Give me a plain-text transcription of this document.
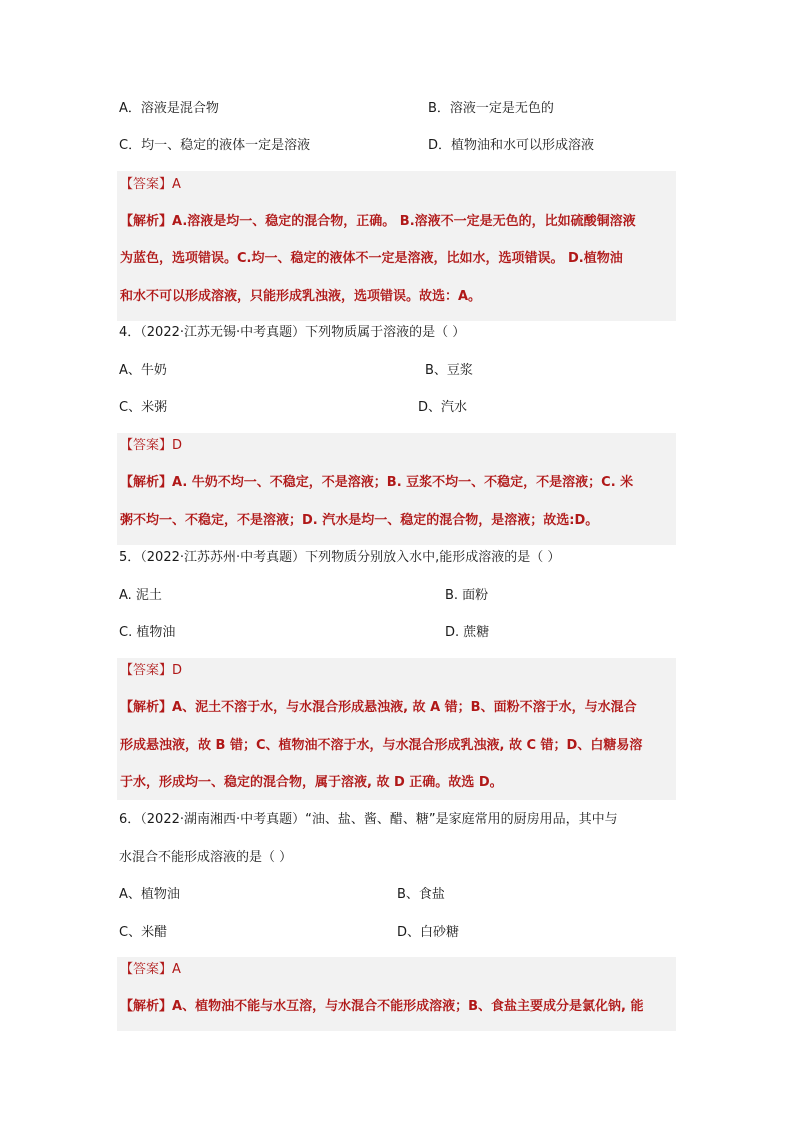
A．溶液是混合物	B．溶液一定是无色的
C．均一、稳定的液体一定是溶液	D．植物油和水可以形成溶液
【答案】A
【解析】A.溶液是均一、稳定的混合物，正确。 B.溶液不一定是无色的，比如硫酸铜溶液
为蓝色，选项错误。C.均一、稳定的液体不一定是溶液，比如水，选项错误。 D.植物油
和水不可以形成溶液，只能形成乳浊液，选项错误。故选：A。
4．（2022·江苏无锡·中考真题）下列物质属于溶液的是（ ）
A、牛奶	B、豆浆
C、米粥	D、汽水
【答案】D
【解析】A. 牛奶不均一、不稳定，不是溶液；B. 豆浆不均一、不稳定，不是溶液；C. 米
粥不均一、不稳定，不是溶液；D. 汽水是均一、稳定的混合物，是溶液；故选:D。
5．（2022·江苏苏州·中考真题）下列物质分别放入水中,能形成溶液的是（ ）
A. 泥土	B. 面粉
C. 植物油	D. 蔗糖
【答案】D
【解析】A、泥土不溶于水，与水混合形成悬浊液, 故 A 错；B、面粉不溶于水，与水混合
形成悬浊液，故 B 错；C、植物油不溶于水，与水混合形成乳浊液, 故 C 错；D、白糖易溶
于水，形成均一、稳定的混合物，属于溶液, 故 D 正确。故选 D。
6．（2022·湖南湘西·中考真题）“油、盐、酱、醋、糖”是家庭常用的厨房用品，其中与
水混合不能形成溶液的是（ ）
A、植物油	B、食盐
C、米醋	D、白砂糖
【答案】A
【解析】A、植物油不能与水互溶，与水混合不能形成溶液；B、食盐主要成分是氯化钠, 能
